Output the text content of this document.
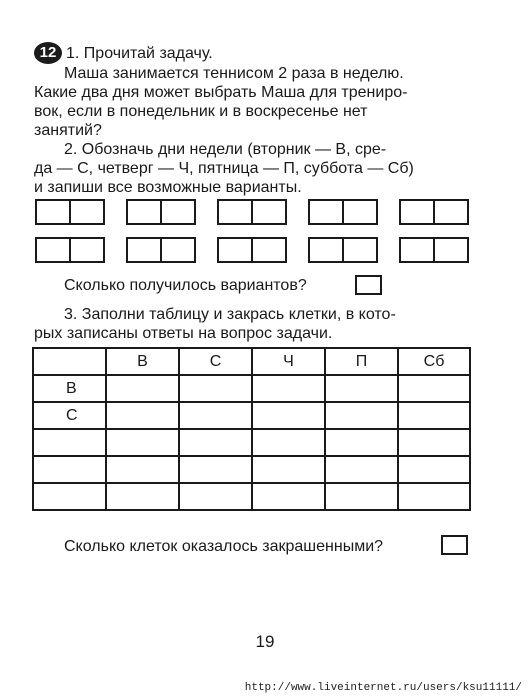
12 1. Прочитай задачу.
Маша занимается теннисом 2 раза в неделю.
Какие два дня может выбрать Маша для трениро-
вок, если в понедельник и в воскресенье нет
занятий?
2. Обозначь дни недели (вторник — В, сре-
да — С, четверг — Ч, пятница — П, суббота — Сб)
и запиши все возможные варианты.
Сколько получилось вариантов?
3. Заполни таблицу и закрась клетки, в кото-
рых записаны ответы на вопрос задачи.
	В	С	Ч	П	Сб
В					
С					

Сколько клеток оказалось закрашенными?
19
http://www.liveinternet.ru/users/ksu11111/
